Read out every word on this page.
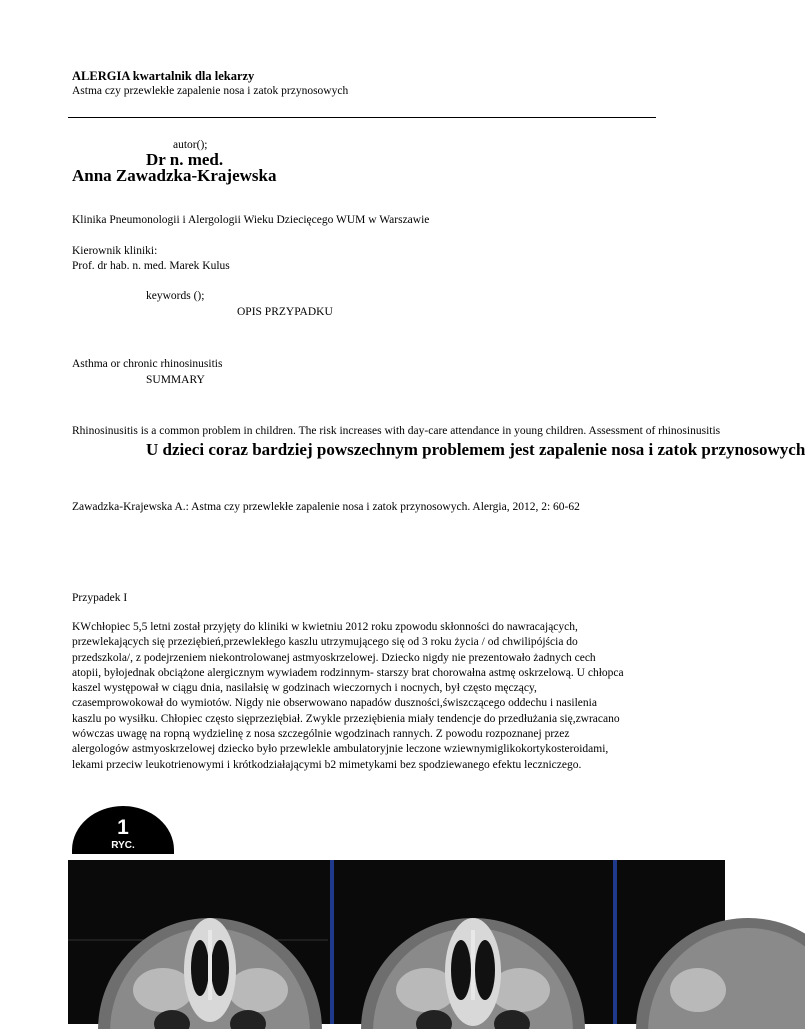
ALERGIA kwartalnik dla lekarzy
Astma czy przewlekłe zapalenie nosa i zatok przynosowych
autor();
Dr n. med.
Anna Zawadzka-Krajewska
Klinika Pneumonologii i Alergologii Wieku Dziecięcego WUM w Warszawie
Kierownik kliniki:
Prof. dr hab. n. med. Marek Kulus
keywords ();
OPIS PRZYPADKU
Asthma or chronic rhinosinusitis
SUMMARY
Rhinosinusitis is a common problem in children. The risk increases with day-care attendance in young children. Assessment of rhinosinusitis
U dzieci coraz bardziej powszechnym problemem jest zapalenie nosa i zatok przynosowych
Zawadzka-Krajewska A.: Astma czy przewlekłe zapalenie nosa i zatok przynosowych. Alergia, 2012, 2: 60-62
Przypadek I
KWchłopiec 5,5 letni został przyjęty do kliniki w kwietniu 2012 roku zpowodu skłonności do nawracających,
przewlekających się przeziębień,przewlekłego kaszlu utrzymującego się od 3 roku życia / od chwilipójścia do
przedszkola/, z podejrzeniem niekontrolowanej astmyoskrzelowej. Dziecko nigdy nie prezentowało żadnych cech
atopii, byłojednak obciążone alergicznym wywiadem rodzinnym- starszy brat chorowałna astmę oskrzelową. U chłopca
kaszel występował w ciągu dnia, nasilałsię w godzinach wieczornych i nocnych, był często męczący,
czasemprowokował do wymiotów. Nigdy nie obserwowano napadów duszności,świszczącego oddechu i nasilenia
kaszlu po wysiłku. Chłopiec często sięprzeziębiał. Zwykle przeziębienia miały tendencje do przedłużania się,zwracano
wówczas uwagę na ropną wydzielinę z nosa szczególnie wgodzinach rannych. Z powodu rozpoznanej przez
alergologów astmyoskrzelowej dziecko było przewlekle ambulatoryjnie leczone wziewnymiglikokortykosteroidami,
lekami przeciw leukotrienowymi i krótkodziałającymi b2 mimetykami bez spodziewanego efektu leczniczego.
1
RYC.
